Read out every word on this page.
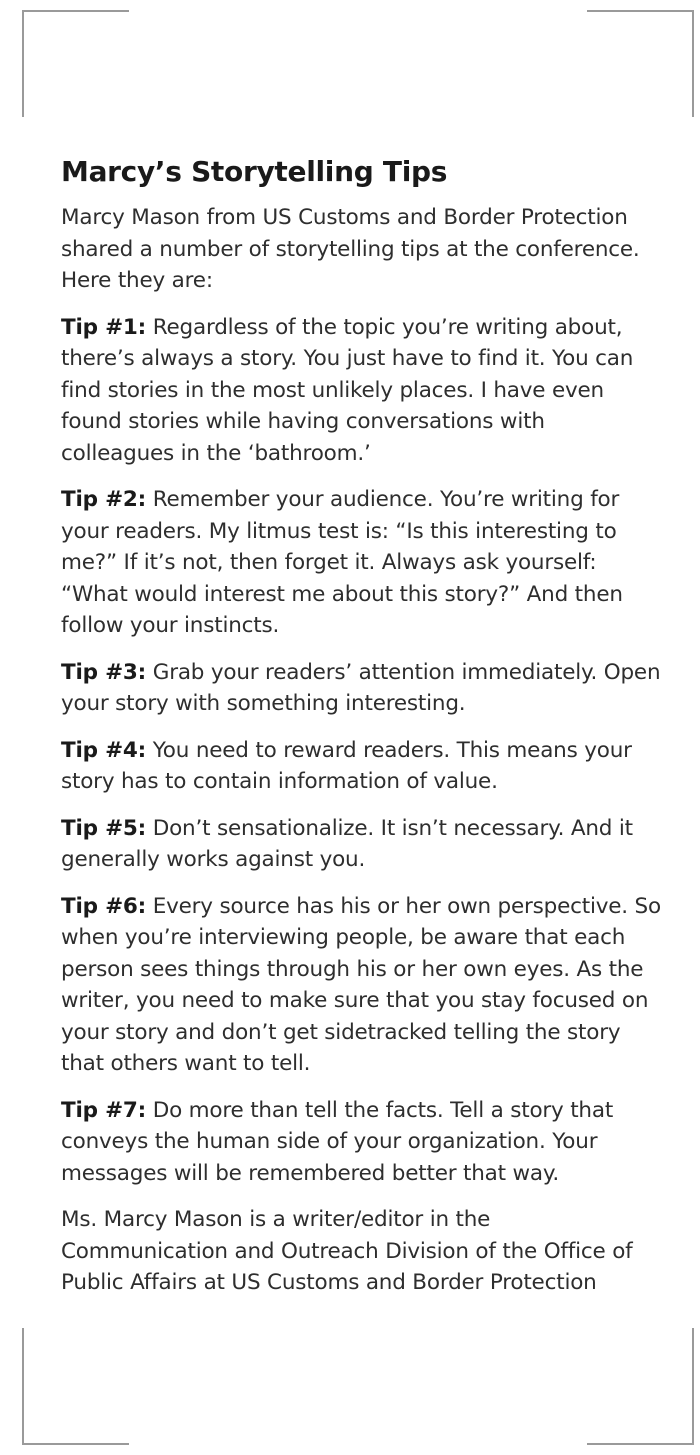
Marcy’s Storytelling Tips

Marcy Mason from US Customs and Border Protection shared a number of storytelling tips at the conference. Here they are:

Tip #1: Regardless of the topic you’re writing about, there’s always a story. You just have to find it. You can find stories in the most unlikely places. I have even found stories while having conversations with colleagues in the ‘bathroom.’

Tip #2: Remember your audience. You’re writing for your readers. My litmus test is: “Is this interesting to me?” If it’s not, then forget it. Always ask yourself: “What would interest me about this story?” And then follow your instincts.

Tip #3: Grab your readers’ attention immediately. Open your story with something interesting.

Tip #4: You need to reward readers. This means your story has to contain information of value.

Tip #5: Don’t sensationalize. It isn’t necessary. And it generally works against you.

Tip #6: Every source has his or her own perspective. So when you’re interviewing people, be aware that each person sees things through his or her own eyes. As the writer, you need to make sure that you stay focused on your story and don’t get sidetracked telling the story that others want to tell.

Tip #7: Do more than tell the facts. Tell a story that conveys the human side of your organization. Your messages will be remembered better that way.

Ms. Marcy Mason is a writer/editor in the Communication and Outreach Division of the Office of Public Affairs at US Customs and Border Protection
